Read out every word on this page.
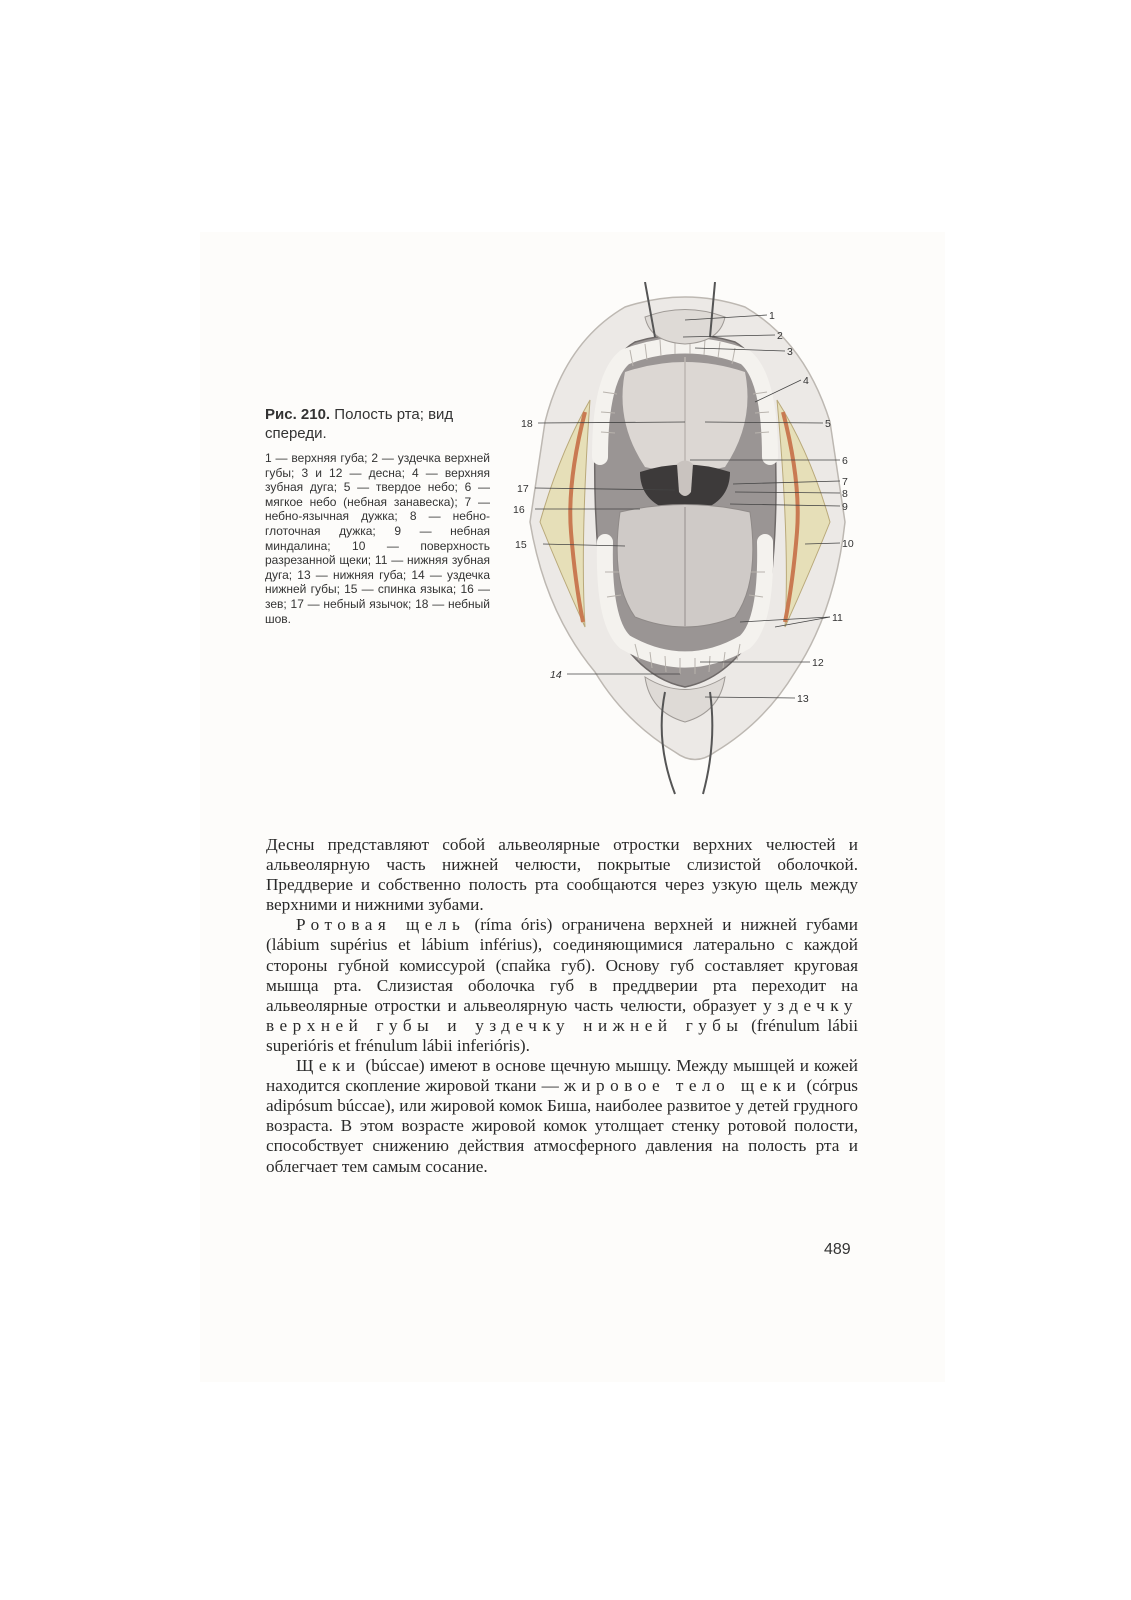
Рис. 210. Полость рта; вид спереди.

1 — верхняя губа; 2 — уздечка верхней губы; 3 и 12 — десна; 4 — верхняя зубная дуга; 5 — твердое небо; 6 — мягкое небо (небная занавеска); 7 — небно-язычная дужка; 8 — небно-глоточная дужка; 9 — небная миндалина; 10 — поверхность разрезанной щеки; 11 — нижняя зубная дуга; 13 — нижняя губа; 14 — уздечка нижней губы; 15 — спинка языка; 16 — зев; 17 — небный язычок; 18 — небный шов.

1
2
3
4
5
6
7
8
9
10
11
12
13
14
15
16
17
18

Десны представляют собой альвеолярные отростки верхних челюстей и альвеолярную часть нижней челюсти, покрытые слизистой оболочкой. Преддверие и собственно полость рта сообщаются через узкую щель между верхними и нижними зубами.

Ротовая щель (ríma óris) ограничена верхней и нижней губами (lábium supérius et lábium inférius), соединяющимися латерально с каждой стороны губной комиссурой (спайка губ). Основу губ составляет круговая мышца рта. Слизистая оболочка губ в преддверии рта переходит на альвеолярные отростки и альвеолярную часть челюсти, образует уздечку верхней губы и уздечку нижней губы (frénulum lábii superióris et frénulum lábii inferióris).

Щеки (búccae) имеют в основе щечную мышцу. Между мышцей и кожей находится скопление жировой ткани — жировое тело щеки (córpus adipósum búccae), или жировой комок Биша, наиболее развитое у детей грудного возраста. В этом возрасте жировой комок утолщает стенку ротовой полости, способствует снижению действия атмосферного давления на полость рта и облегчает тем самым сосание.

489
